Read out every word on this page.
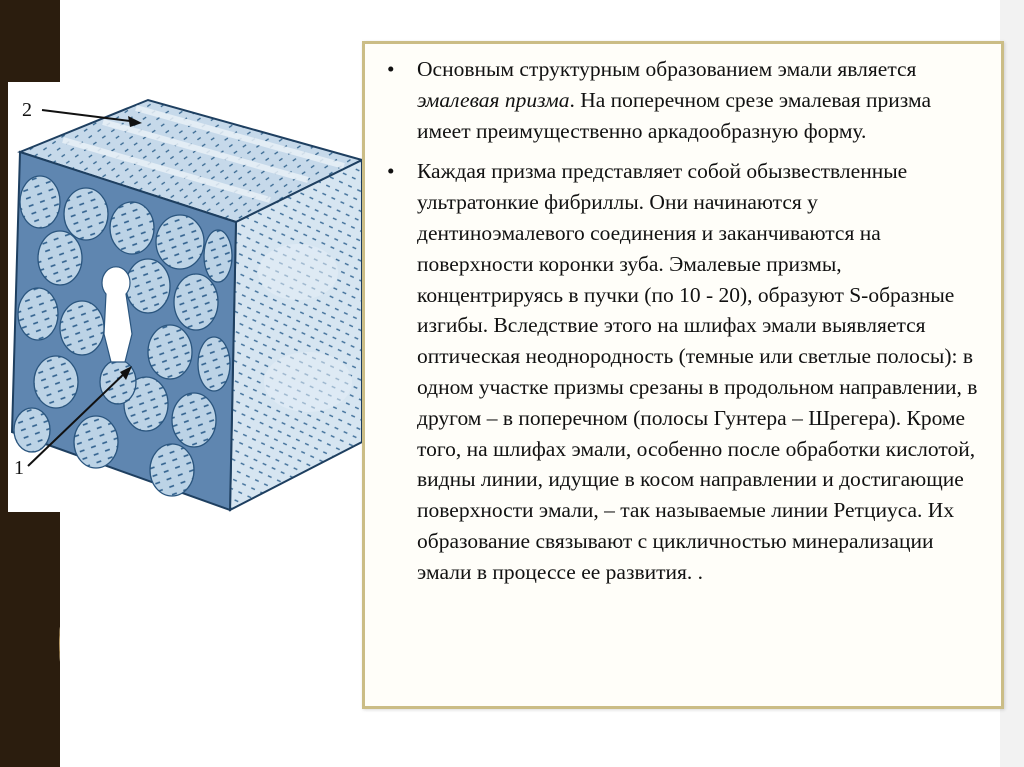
2
1

• Основным структурным образованием эмали является эмалевая призма. На поперечном срезе эмалевая призма имеет преимущественно аркадообразную форму.

• Каждая призма представляет собой обызвествленные ультратонкие фибриллы. Они начинаются у дентиноэмалевого соединения и заканчиваются на поверхности коронки зуба. Эмалевые призмы, концентрируясь в пучки (по 10 - 20), образуют S-образные изгибы. Вследствие этого на шлифах эмали выявляется оптическая неоднородность (темные или светлые полосы): в одном участке призмы срезаны в продольном направлении, в другом – в поперечном (полосы Гунтера – Шрегера). Кроме того, на шлифах эмали, особенно после обработки кислотой, видны линии, идущие в косом направлении и достигающие поверхности эмали, – так называемые линии Ретциуса. Их образование связывают с цикличностью минерализации эмали в процессе ее развития. .
